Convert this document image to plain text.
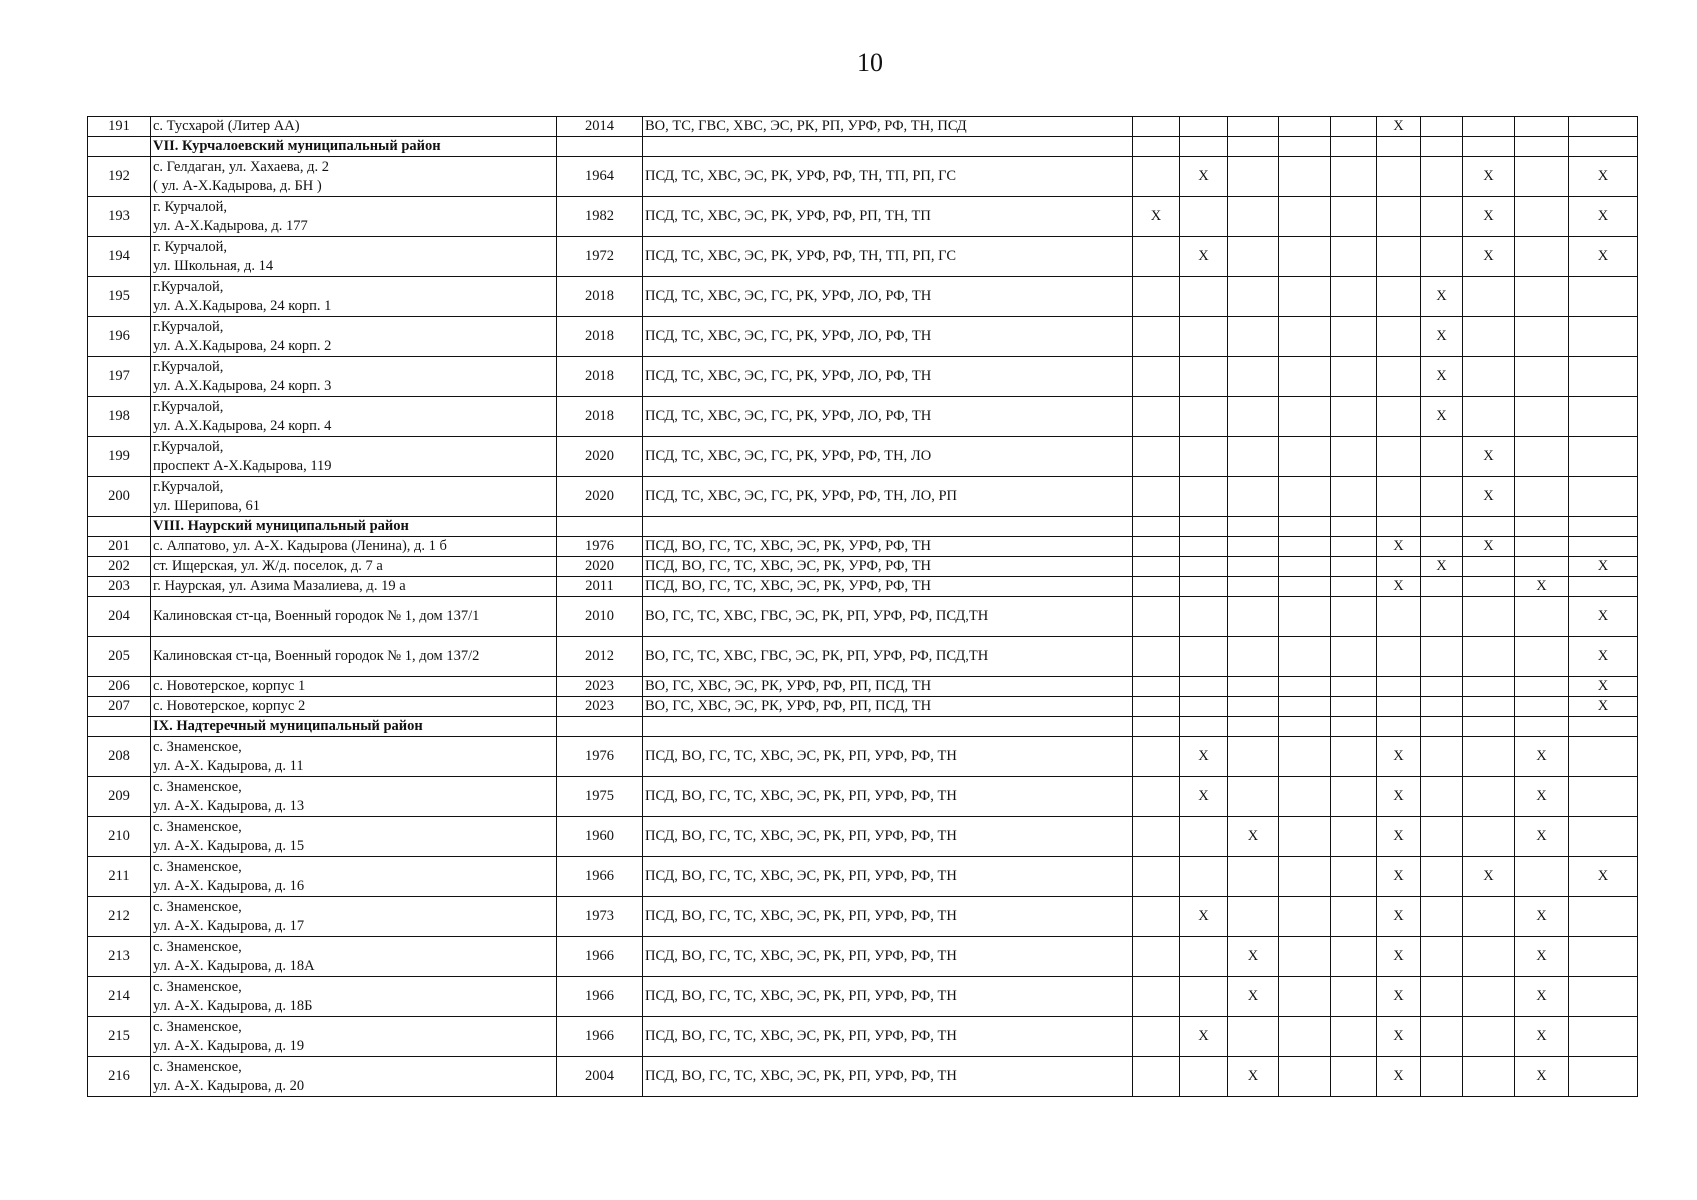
10
191	с. Тусхарой (Литер АА)	2014	ВО, ТС, ГВС, ХВС, ЭС, РК, РП, УРФ, РФ, ТН, ПСД						X				
	VII. Курчалоевский муниципальный район												
192	с. Гелдаган, ул. Хахаева, д. 2
( ул. А-Х.Кадырова, д. БН )	1964	ПСД, ТС, ХВС, ЭС, РК, УРФ, РФ, ТН, ТП, РП, ГС		X						X		X
193	г. Курчалой,
ул. А-Х.Кадырова, д. 177	1982	ПСД, ТС, ХВС, ЭС, РК, УРФ, РФ, РП, ТН, ТП	X							X		X
194	г. Курчалой,
ул. Школьная, д. 14	1972	ПСД, ТС, ХВС, ЭС, РК, УРФ, РФ, ТН, ТП, РП, ГС		X						X		X
195	г.Курчалой,
ул. А.Х.Кадырова, 24 корп. 1	2018	ПСД, ТС, ХВС, ЭС, ГС, РК, УРФ, ЛО, РФ, ТН							X			
196	г.Курчалой,
ул. А.Х.Кадырова, 24 корп. 2	2018	ПСД, ТС, ХВС, ЭС, ГС, РК, УРФ, ЛО, РФ, ТН							X			
197	г.Курчалой,
ул. А.Х.Кадырова, 24 корп. 3	2018	ПСД, ТС, ХВС, ЭС, ГС, РК, УРФ, ЛО, РФ, ТН							X			
198	г.Курчалой,
ул. А.Х.Кадырова, 24 корп. 4	2018	ПСД, ТС, ХВС, ЭС, ГС, РК, УРФ, ЛО, РФ, ТН							X			
199	г.Курчалой,
проспект А-Х.Кадырова, 119	2020	ПСД, ТС, ХВС, ЭС, ГС, РК, УРФ, РФ, ТН, ЛО								X		
200	г.Курчалой,
ул. Шерипова, 61	2020	ПСД, ТС, ХВС, ЭС, ГС, РК, УРФ, РФ, ТН, ЛО, РП								X		
	VIII. Наурский муниципальный район												
201	с. Алпатово, ул. А-Х. Кадырова (Ленина), д. 1 б	1976	ПСД, ВО, ГС, ТС, ХВС, ЭС, РК, УРФ, РФ, ТН						X		X		
202	ст. Ищерская, ул. Ж/д. поселок, д. 7 а	2020	ПСД, ВО, ГС, ТС, ХВС, ЭС, РК, УРФ, РФ, ТН							X			X
203	г. Наурская, ул. Азима Мазалиева, д. 19 а	2011	ПСД, ВО, ГС, ТС, ХВС, ЭС, РК, УРФ, РФ, ТН						X			X	
204	Калиновская ст-ца, Военный городок № 1, дом 137/1	2010	ВО, ГС, ТС, ХВС, ГВС, ЭС, РК, РП, УРФ, РФ, ПСД,ТН										X
205	Калиновская ст-ца, Военный городок № 1, дом 137/2	2012	ВО, ГС, ТС, ХВС, ГВС, ЭС, РК, РП, УРФ, РФ, ПСД,ТН										X
206	с. Новотерское, корпус 1	2023	ВО, ГС, ХВС, ЭС, РК, УРФ, РФ, РП, ПСД, ТН										X
207	с. Новотерское, корпус 2	2023	ВО, ГС, ХВС, ЭС, РК, УРФ, РФ, РП, ПСД, ТН										X
	IX. Надтеречный муниципальный район												
208	с. Знаменское,
ул. А-Х. Кадырова, д. 11	1976	ПСД, ВО, ГС, ТС, ХВС, ЭС, РК, РП, УРФ, РФ, ТН		X				X			X	
209	с. Знаменское,
ул. А-Х. Кадырова, д. 13	1975	ПСД, ВО, ГС, ТС, ХВС, ЭС, РК, РП, УРФ, РФ, ТН		X				X			X	
210	с. Знаменское,
ул. А-Х. Кадырова, д. 15	1960	ПСД, ВО, ГС, ТС, ХВС, ЭС, РК, РП, УРФ, РФ, ТН			X			X			X	
211	с. Знаменское,
ул. А-Х. Кадырова, д. 16	1966	ПСД, ВО, ГС, ТС, ХВС, ЭС, РК, РП, УРФ, РФ, ТН						X		X		X
212	с. Знаменское,
ул. А-Х. Кадырова, д. 17	1973	ПСД, ВО, ГС, ТС, ХВС, ЭС, РК, РП, УРФ, РФ, ТН		X				X			X	
213	с. Знаменское,
ул. А-Х. Кадырова, д. 18А	1966	ПСД, ВО, ГС, ТС, ХВС, ЭС, РК, РП, УРФ, РФ, ТН			X			X			X	
214	с. Знаменское,
ул. А-Х. Кадырова, д. 18Б	1966	ПСД, ВО, ГС, ТС, ХВС, ЭС, РК, РП, УРФ, РФ, ТН			X			X			X	
215	с. Знаменское,
ул. А-Х. Кадырова, д. 19	1966	ПСД, ВО, ГС, ТС, ХВС, ЭС, РК, РП, УРФ, РФ, ТН		X				X			X	
216	с. Знаменское,
ул. А-Х. Кадырова, д. 20	2004	ПСД, ВО, ГС, ТС, ХВС, ЭС, РК, РП, УРФ, РФ, ТН			X			X			X	
